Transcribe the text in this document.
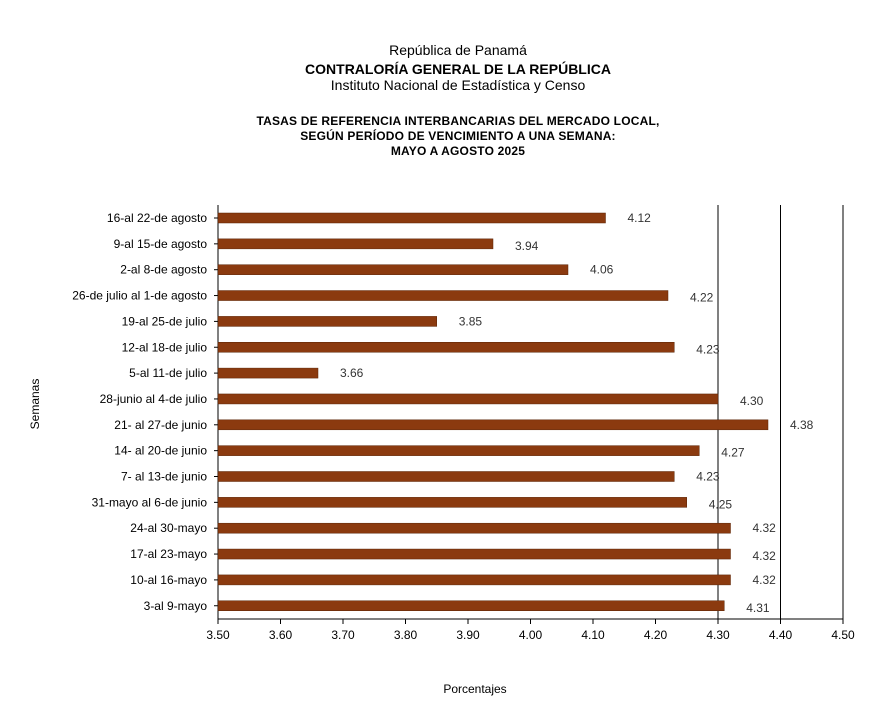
República de Panamá
CONTRALORÍA GENERAL DE LA REPÚBLICA
Instituto Nacional de Estadística y Censo
TASAS DE REFERENCIA INTERBANCARIAS DEL MERCADO LOCAL,
SEGÚN PERÍODO DE VENCIMIENTO A UNA SEMANA:
MAYO A AGOSTO 2025
3.50	3.60	3.70	3.80	3.90	4.00	4.10	4.20	4.30	4.40	4.50
16-al 22-de agosto	4.12
9-al 15-de agosto	3.94
2-al 8-de agosto	4.06
26-de julio al 1-de agosto	4.22
19-al 25-de julio	3.85
12-al 18-de julio	4.23
5-al 11-de julio	3.66
28-junio al 4-de julio	4.30
21- al 27-de junio	4.38
14- al 20-de junio	4.27
7- al 13-de junio	4.23
31-mayo al 6-de junio	4.25
24-al 30-mayo	4.32
17-al 23-mayo	4.32
10-al 16-mayo	4.32
3-al 9-mayo	4.31
Semanas
Porcentajes
